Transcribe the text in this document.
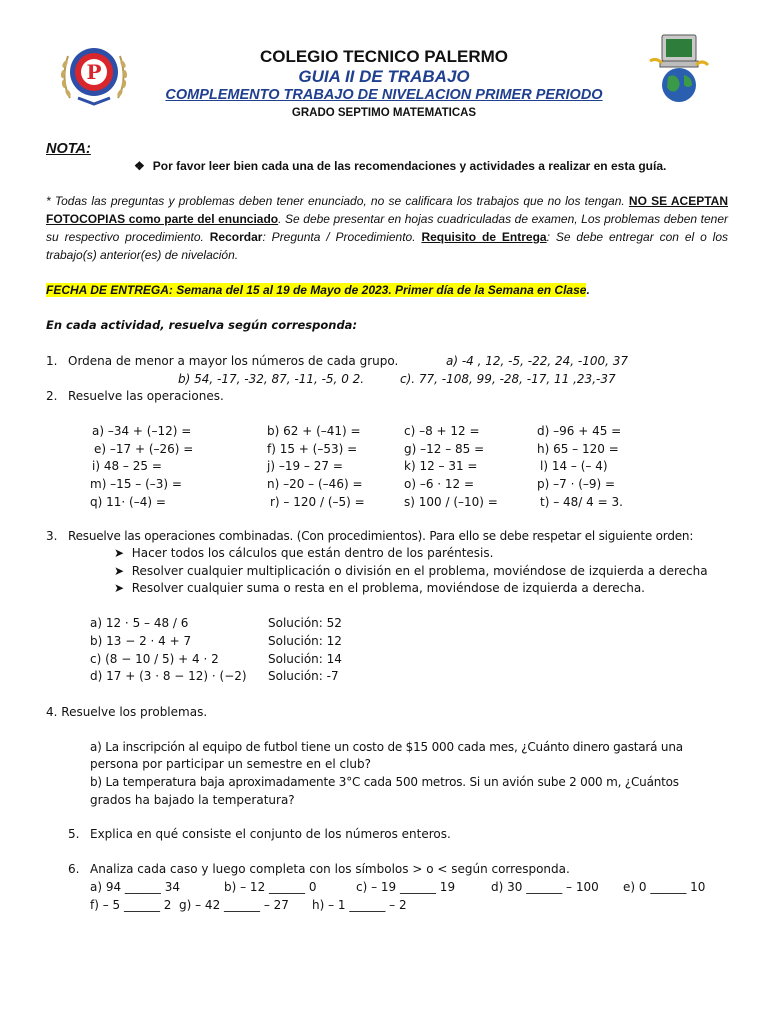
P
COLEGIO TECNICO PALERMO
GUIA II DE TRABAJO
COMPLEMENTO TRABAJO DE NIVELACION PRIMER PERIODO
GRADO SEPTIMO MATEMATICAS
NOTA:
❖ Por favor leer bien cada una de las recomendaciones y actividades a realizar en esta guía.
* Todas las preguntas y problemas deben tener enunciado, no se calificara los trabajos que no los tengan. NO SE ACEPTAN FOTOCOPIAS como parte del enunciado. Se debe presentar en hojas cuadriculadas de examen, Los problemas deben tener su respectivo procedimiento. Recordar: Pregunta / Procedimiento. Requisito de Entrega: Se debe entregar con el o los trabajo(s) anterior(es) de nivelación.
FECHA DE ENTREGA: Semana del 15 al 19 de Mayo de 2023. Primer día de la Semana en Clase.
En cada actividad, resuelva según corresponda:
1. Ordena de menor a mayor los números de cada grupo.	a) -4 , 12, -5, -22, 24, -100, 37
b) 54, -17, -32, 87, -11, -5, 0 2.	c). 77, -108, 99, -28, -17, 11 ,23,-37
2. Resuelve las operaciones.
a) –34 + (–12) =	b) 62 + (–41) =	c) –8 + 12 =	d) –96 + 45 =
e) –17 + (–26) =	f) 15 + (–53) =	g) –12 – 85 =	h) 65 – 120 =
i) 48 – 25 =	j) –19 – 27 =	k) 12 – 31 =	l) 14 – (– 4)
m) –15 – (–3) =	n) –20 – (–46) =	o) –6 · 12 =	p) –7 · (–9) =
q) 11· (–4) =	r) – 120 / (–5) =	s) 100 / (–10) =	t) – 48/ 4 = 3.
3. Resuelve las operaciones combinadas. (Con procedimientos). Para ello se debe respetar el siguiente orden:
➤ Hacer todos los cálculos que están dentro de los paréntesis.
➤ Resolver cualquier multiplicación o división en el problema, moviéndose de izquierda a derecha
➤ Resolver cualquier suma o resta en el problema, moviéndose de izquierda a derecha.
a) 12 · 5 – 48 / 6	Solución: 52
b) 13 − 2 · 4 + 7	Solución: 12
c) (8 − 10 / 5) + 4 · 2	Solución: 14
d) 17 + (3 · 8 − 12) · (−2) Solución: -7
4. Resuelve los problemas.
a) La inscripción al equipo de futbol tiene un costo de $15 000 cada mes, ¿Cuánto dinero gastará una
persona por participar un semestre en el club?
b) La temperatura baja aproximadamente 3°C cada 500 metros. Si un avión sube 2 000 m, ¿Cuántos
grados ha bajado la temperatura?
5. Explica en qué consiste el conjunto de los números enteros.
6. Analiza cada caso y luego completa con los símbolos > o < según corresponda.
a) 94 ______ 34	b) – 12 ______ 0	c) – 19 ______ 19	d) 30 ______ – 100 e) 0 ______ 10
f) – 5 ______ 2 g) – 42 ______ – 27 h) – 1 ______ – 2
